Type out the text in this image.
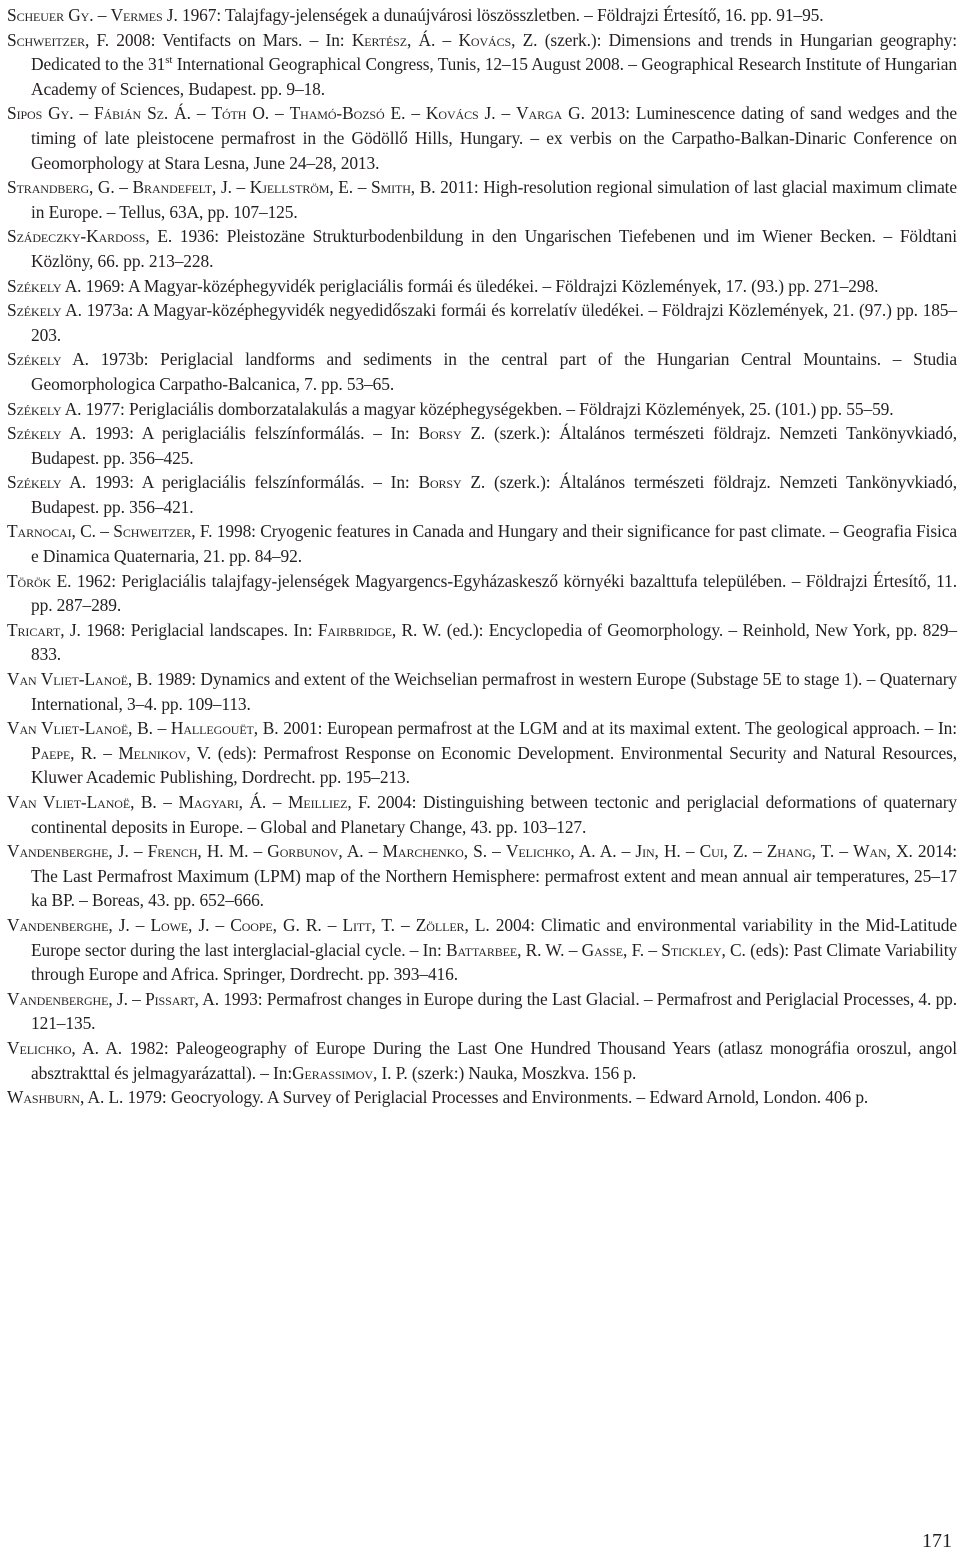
Scheuer Gy. – Vermes J. 1967: Talajfagy-jelenségek a dunaújvárosi löszösszletben. – Földrajzi Értesítő, 16. pp. 91–95.

Schweitzer, F. 2008: Ventifacts on Mars. – In: Kertész, Á. – Kovács, Z. (szerk.): Dimensions and trends in Hungarian geography: Dedicated to the 31st International Geographical Congress, Tunis, 12–15 August 2008. – Geographical Research Institute of Hungarian Academy of Sciences, Budapest. pp. 9–18.

Sipos Gy. – Fábián Sz. Á. – Tóth O. – Thamó-Bozsó E. – Kovács J. – Varga G. 2013: Luminescence dating of sand wedges and the timing of late pleistocene permafrost in the Gödöllő Hills, Hungary. – ex verbis on the Carpatho-Balkan-Dinaric Conference on Geomorphology at Stara Lesna, June 24–28, 2013.

Strandberg, G. – Brandefelt, J. – Kjellström, E. – Smith, B. 2011: High-resolution regional simulation of last glacial maximum climate in Europe. – Tellus, 63A, pp. 107–125.

Szádeczky-Kardoss, E. 1936: Pleistozäne Strukturbodenbildung in den Ungarischen Tiefebenen und im Wiener Becken. – Földtani Közlöny, 66. pp. 213–228.

Székely A. 1969: A Magyar-középhegyvidék periglaciális formái és üledékei. – Földrajzi Közlemények, 17. (93.) pp. 271–298.

Székely A. 1973a: A Magyar-középhegyvidék negyedidőszaki formái és korrelatív üledékei. – Földrajzi Közlemények, 21. (97.) pp. 185–203.

Székely A. 1973b: Periglacial landforms and sediments in the central part of the Hungarian Central Mountains. – Studia Geomorphologica Carpatho-Balcanica, 7. pp. 53–65.

Székely A. 1977: Periglaciális domborzatalakulás a magyar középhegységekben. – Földrajzi Közlemények, 25. (101.) pp. 55–59.

Székely A. 1993: A periglaciális felszínformálás. – In: Borsy Z. (szerk.): Általános természeti földrajz. Nemzeti Tankönyvkiadó, Budapest. pp. 356–425.

Székely A. 1993: A periglaciális felszínformálás. – In: Borsy Z. (szerk.): Általános természeti földrajz. Nemzeti Tankönyvkiadó, Budapest. pp. 356–421.

Tarnocai, C. – Schweitzer, F. 1998: Cryogenic features in Canada and Hungary and their significance for past climate. – Geografia Fisica e Dinamica Quaternaria, 21. pp. 84–92.

Török E. 1962: Periglaciális talajfagy-jelenségek Magyargencs-Egyházaskesző környéki bazalttufa települében. – Földrajzi Értesítő, 11. pp. 287–289.

Tricart, J. 1968: Periglacial landscapes. In: Fairbridge, R. W. (ed.): Encyclopedia of Geomorphology. – Reinhold, New York, pp. 829–833.

Van Vliet-Lanoë, B. 1989: Dynamics and extent of the Weichselian permafrost in western Europe (Substage 5E to stage 1). – Quaternary International, 3–4. pp. 109–113.

Van Vliet-Lanoë, B. – Hallegouët, B. 2001: European permafrost at the LGM and at its maximal extent. The geological approach. – In: Paepe, R. – Melnikov, V. (eds): Permafrost Response on Economic Development. Environmental Security and Natural Resources, Kluwer Academic Publishing, Dordrecht. pp. 195–213.

Van Vliet-Lanoë, B. – Magyari, Á. – Meilliez, F. 2004: Distinguishing between tectonic and periglacial deformations of quaternary continental deposits in Europe. – Global and Planetary Change, 43. pp. 103–127.

Vandenberghe, J. – French, H. M. – Gorbunov, A. – Marchenko, S. – Velichko, A. A. – Jin, H. – Cui, Z. – Zhang, T. – Wan, X. 2014: The Last Permafrost Maximum (LPM) map of the Northern Hemisphere: permafrost extent and mean annual air temperatures, 25–17 ka BP. – Boreas, 43. pp. 652–666.

Vandenberghe, J. – Lowe, J. – Coope, G. R. – Litt, T. – Zöller, L. 2004: Climatic and environmental variability in the Mid-Latitude Europe sector during the last interglacial-glacial cycle. – In: Battarbee, R. W. – Gasse, F. – Stickley, C. (eds): Past Climate Variability through Europe and Africa. Springer, Dordrecht. pp. 393–416.

Vandenberghe, J. – Pissart, A. 1993: Permafrost changes in Europe during the Last Glacial. – Permafrost and Periglacial Processes, 4. pp. 121–135.

Velichko, A. A. 1982: Paleogeography of Europe During the Last One Hundred Thousand Years (atlasz monográfia oroszul, angol absztrakttal és jelmagyarázattal). – In:Gerassimov, I. P. (szerk:) Nauka, Moszkva. 156 p.

Washburn, A. L. 1979: Geocryology. A Survey of Periglacial Processes and Environments. – Edward Arnold, London. 406 p.

171
